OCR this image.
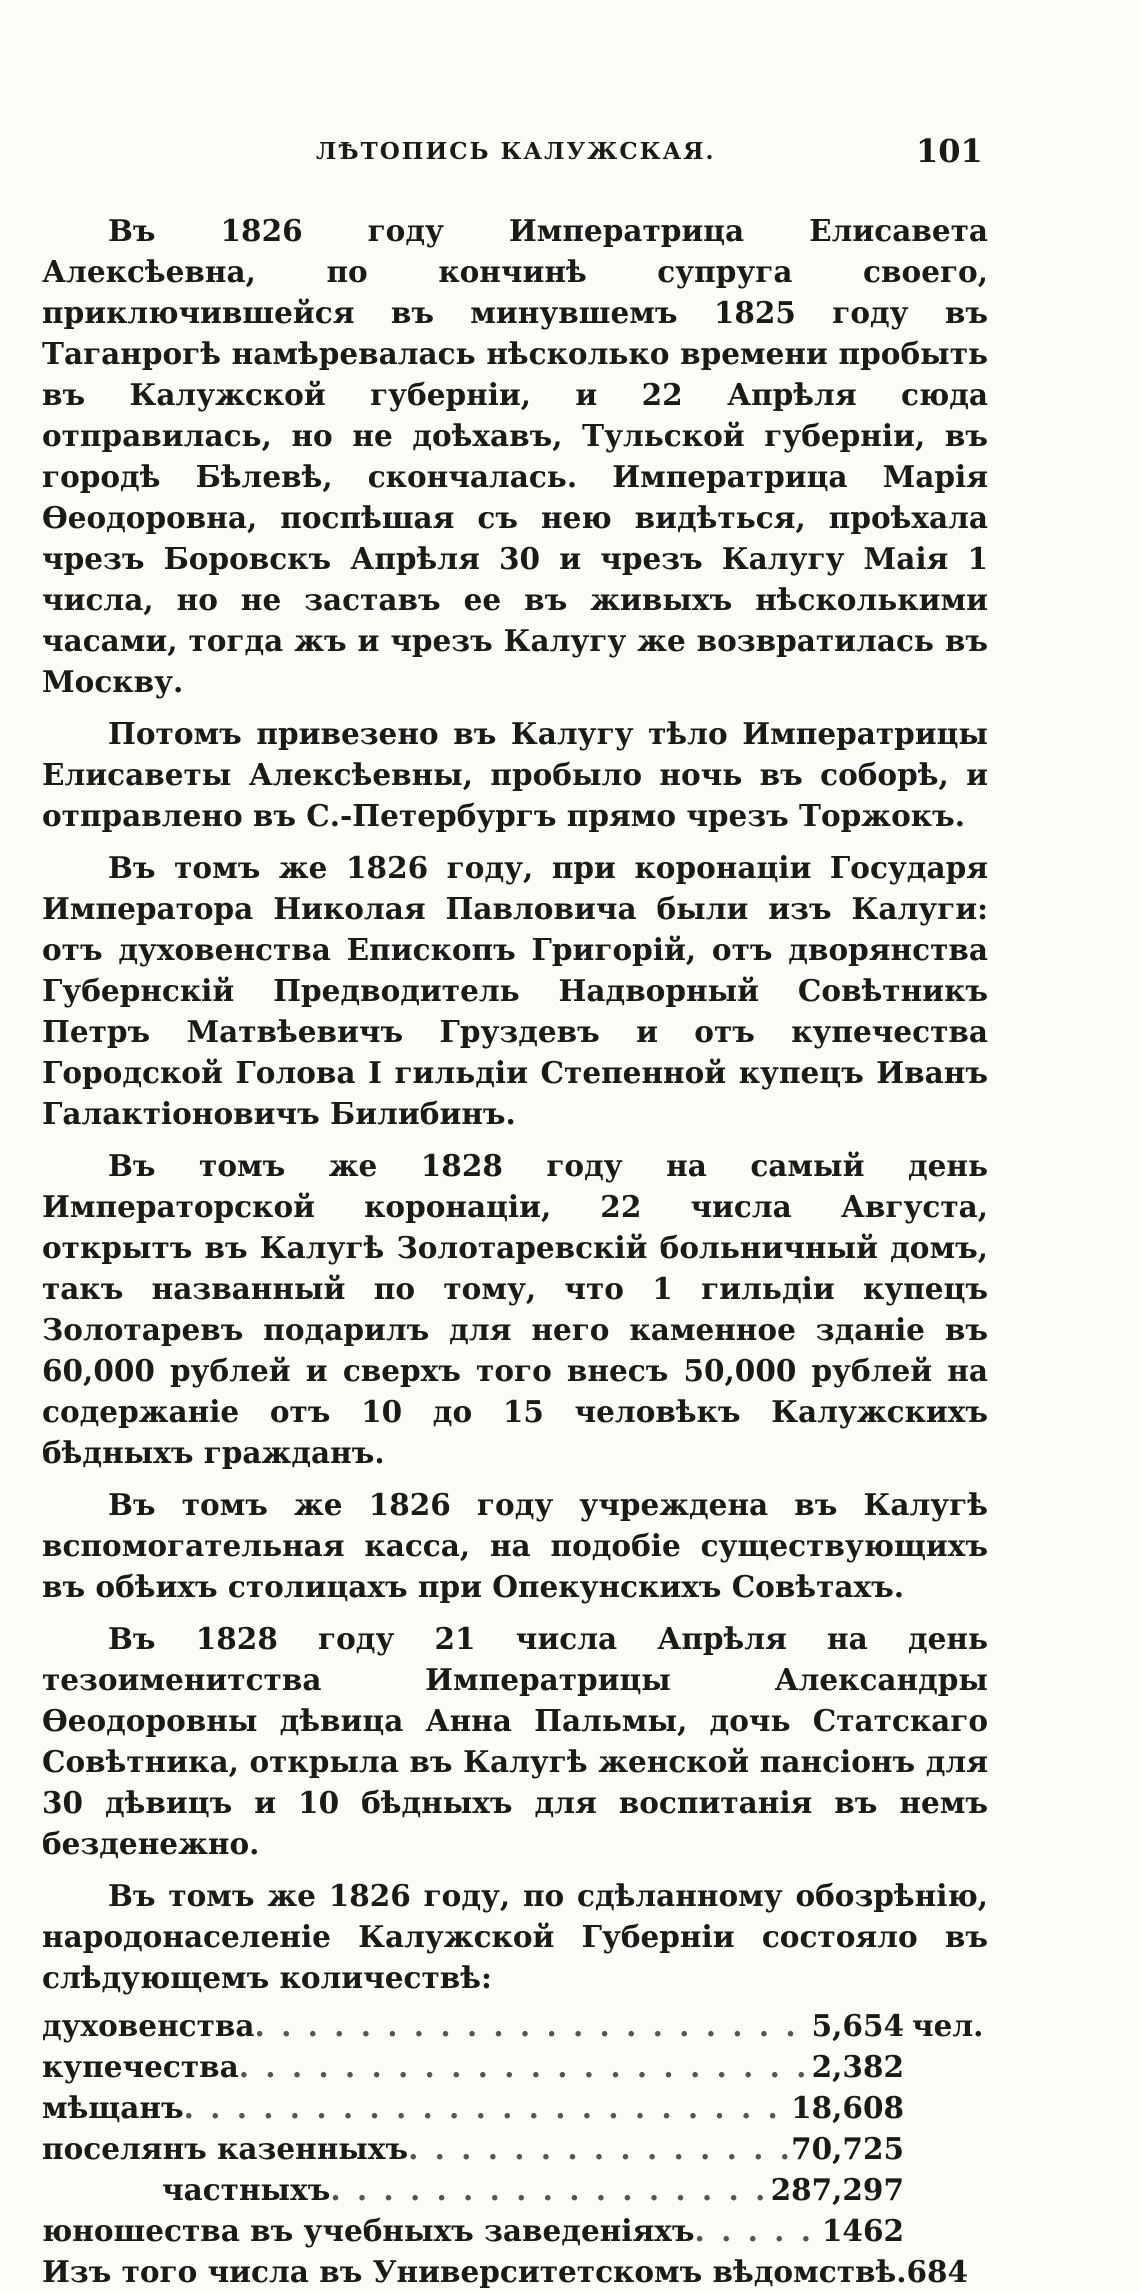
ЛѢТОПИСЬ КАЛУЖСКАЯ.	101

Въ 1826 году Императрица Елисавета Алексѣевна, по кончинѣ супруга своего, приключившейся въ минувшемъ 1825 году въ Таганрогѣ намѣревалась нѣсколько времени пробыть въ Калужской губерніи, и 22 Апрѣля сюда отправилась, но не доѣхавъ, Тульской губерніи, въ городѣ Бѣлевѣ, скончалась. Императрица Марія Ѳеодоровна, поспѣшая съ нею видѣться, проѣхала чрезъ Боровскъ Апрѣля 30 и чрезъ Калугу Маія 1 числа, но не заставъ ее въ живыхъ нѣсколькими часами, тогда жъ и чрезъ Калугу же возвратилась въ Москву.

Потомъ привезено въ Калугу тѣло Императрицы Елисаветы Алексѣевны, пробыло ночь въ соборѣ, и отправлено въ С.-Петербургъ прямо чрезъ Торжокъ.

Въ томъ же 1826 году, при коронаціи Государя Императора Николая Павловича были изъ Калуги: отъ духовенства Епископъ Григорій, отъ дворянства Губернскій Предводитель Надворный Совѣтникъ Петръ Матвѣевичъ Груздевъ и отъ купечества Городской Голова I гильдіи Степенной купецъ Иванъ Галактіоновичъ Билибинъ.

Въ томъ же 1828 году на самый день Императорской коронаціи, 22 числа Августа, открытъ въ Калугѣ Золотаревскій больничный домъ, такъ названный по тому, что 1 гильдіи купецъ Золотаревъ подарилъ для него каменное зданіе въ 60,000 рублей и сверхъ того внесъ 50,000 рублей на содержаніе отъ 10 до 15 человѣкъ Калужскихъ бѣдныхъ гражданъ.

Въ томъ же 1826 году учреждена въ Калугѣ вспомогательная касса, на подобіе существующихъ въ обѣихъ столицахъ при Опекунскихъ Совѣтахъ.

Въ 1828 году 21 числа Апрѣля на день тезоименитства Императрицы Александры Ѳеодоровны дѣвица Анна Пальмы, дочь Статскаго Совѣтника, открыла въ Калугѣ женской пансіонъ для 30 дѣвицъ и 10 бѣдныхъ для воспитанія въ немъ безденежно.

Въ томъ же 1826 году, по сдѣланному обозрѣнію, народонаселеніе Калужской Губерніи состояло въ слѣдующемъ количествѣ:

духовенства . . .	5,654 чел.
купечества . . .	2,382
мѣщанъ . . .	18,608
поселянъ казенныхъ . . .	70,725
частныхъ . . .	287,297
юношества въ учебныхъ заведеніяхъ . . .	1462
Изъ того числа въ Университетскомъ вѣдомствѣ. 684
